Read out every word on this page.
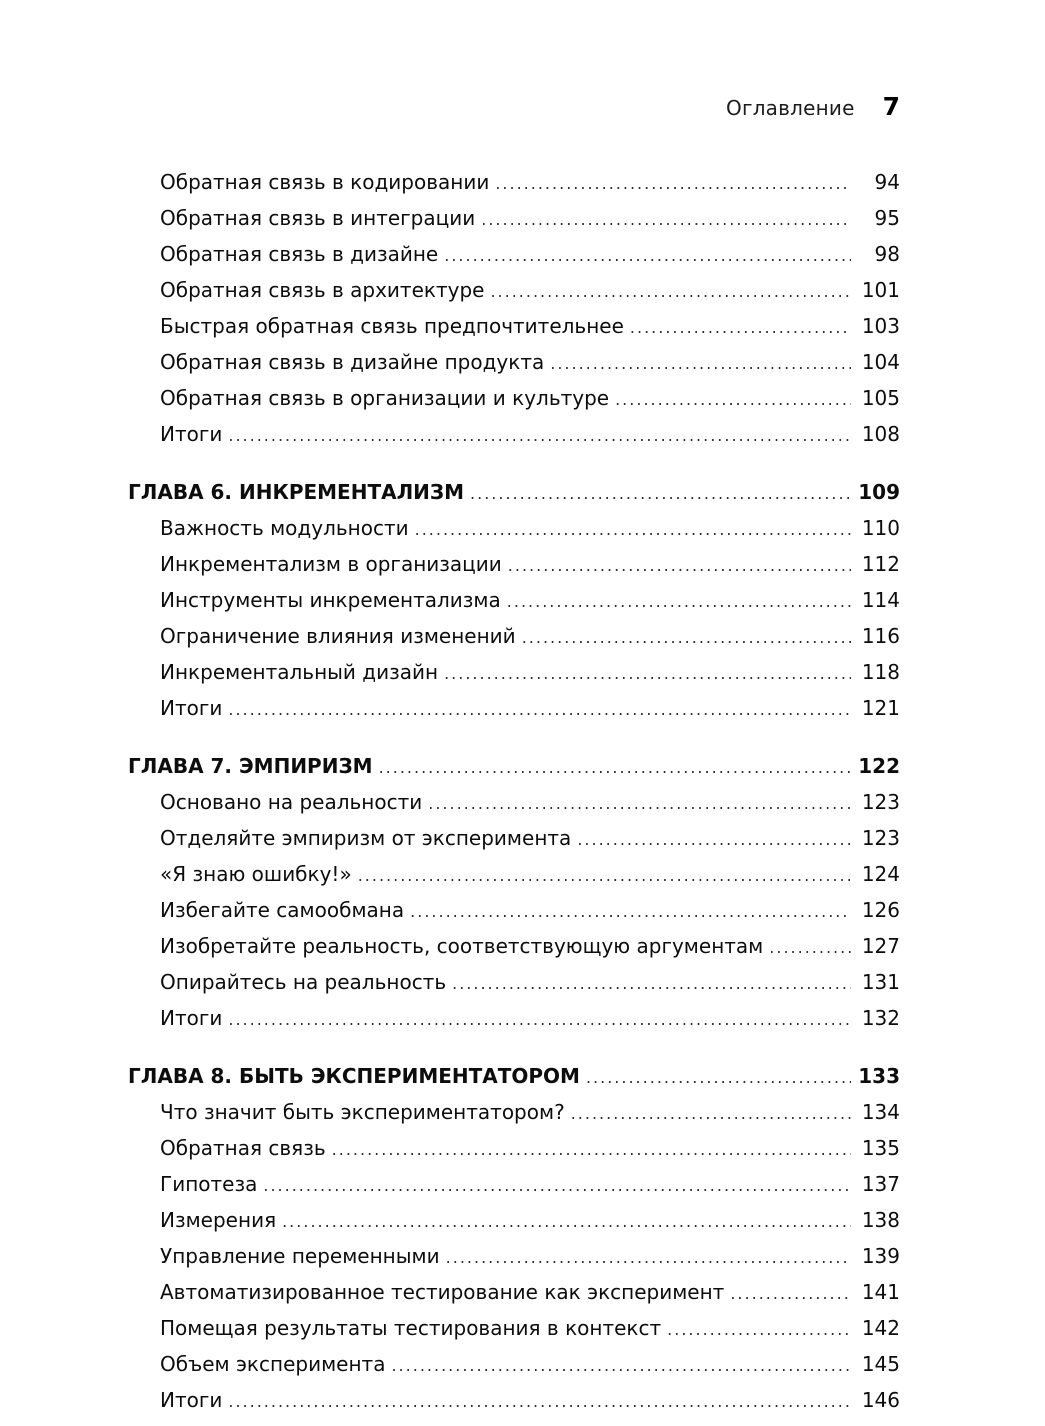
Оглавление 7
Обратная связь в кодировании .....	94
Обратная связь в интеграции .....	95
Обратная связь в дизайне .....	98
Обратная связь в архитектуре .....	101
Быстрая обратная связь предпочтительнее .....	103
Обратная связь в дизайне продукта .....	104
Обратная связь в организации и культуре .....	105
Итоги .....	108
ГЛАВА 6. ИНКРЕМЕНТАЛИЗМ .....	109
Важность модульности .....	110
Инкрементализм в организации .....	112
Инструменты инкрементализма .....	114
Ограничение влияния изменений .....	116
Инкрементальный дизайн .....	118
Итоги .....	121
ГЛАВА 7. ЭМПИРИЗМ .....	122
Основано на реальности .....	123
Отделяйте эмпиризм от эксперимента .....	123
«Я знаю ошибку!» .....	124
Избегайте самообмана .....	126
Изобретайте реальность, соответствующую аргументам .....	127
Опирайтесь на реальность .....	131
Итоги .....	132
ГЛАВА 8. БЫТЬ ЭКСПЕРИМЕНТАТОРОМ .....	133
Что значит быть экспериментатором? .....	134
Обратная связь .....	135
Гипотеза .....	137
Измерения .....	138
Управление переменными .....	139
Автоматизированное тестирование как эксперимент .....	141
Помещая результаты тестирования в контекст .....	142
Объем эксперимента .....	145
Итоги .....	146
